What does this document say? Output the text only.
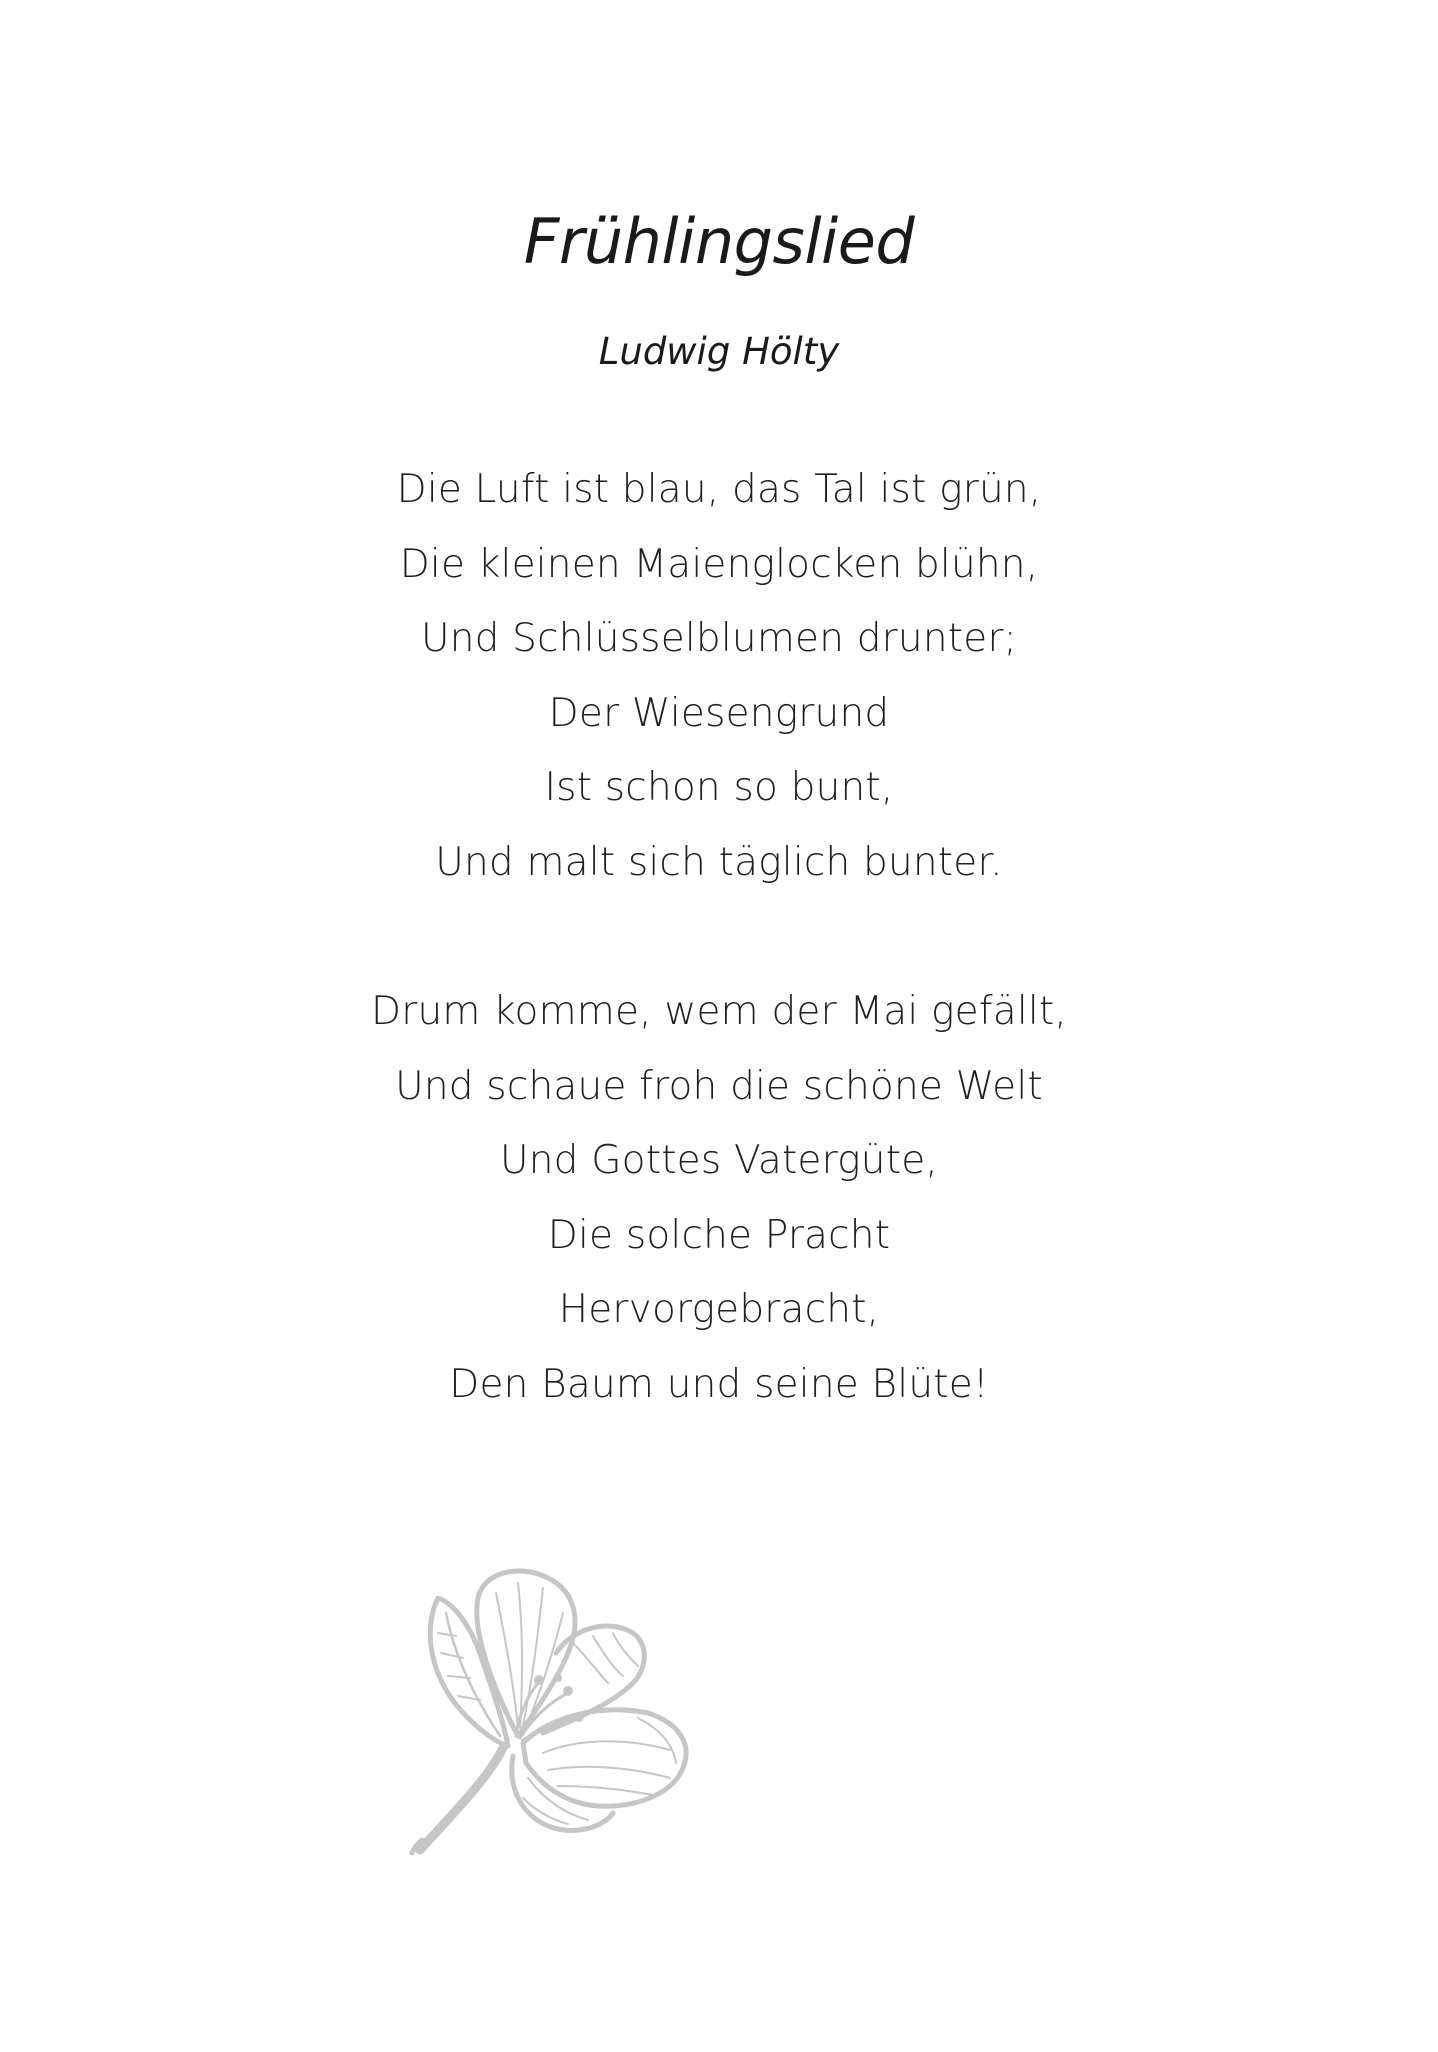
Frühlingslied
Ludwig Hölty
Die Luft ist blau, das Tal ist grün,
Die kleinen Maienglocken blühn,
Und Schlüsselblumen drunter;
Der Wiesengrund
Ist schon so bunt,
Und malt sich täglich bunter.
Drum komme, wem der Mai gefällt,
Und schaue froh die schöne Welt
Und Gottes Vatergüte,
Die solche Pracht
Hervorgebracht,
Den Baum und seine Blüte!
